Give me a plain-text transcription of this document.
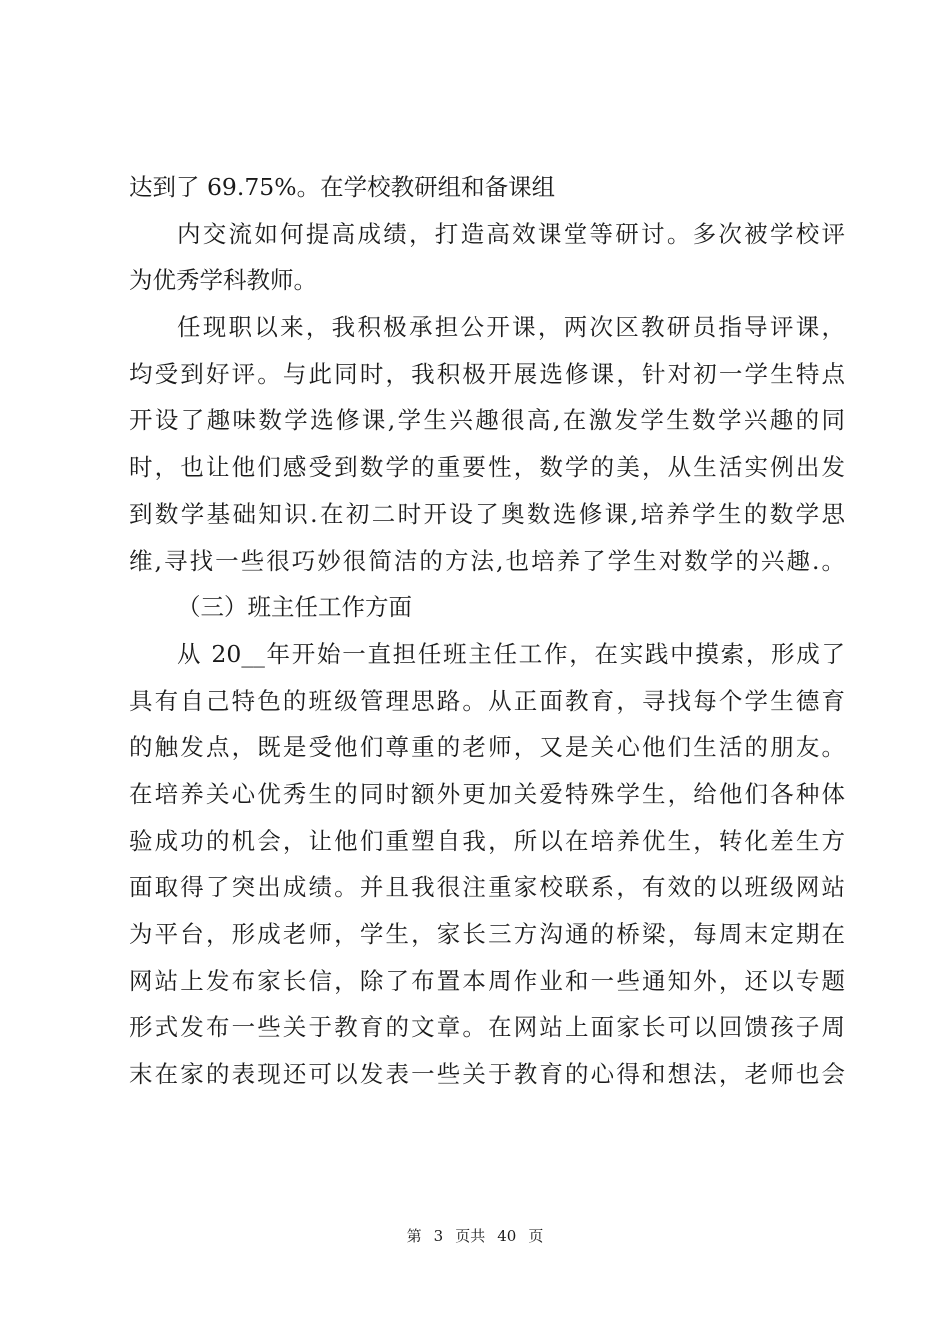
达到了 69.75%。在学校教研组和备课组
内交流如何提高成绩，打造高效课堂等研讨。多次被学校评
为优秀学科教师。
任现职以来，我积极承担公开课，两次区教研员指导评课，
均受到好评。与此同时，我积极开展选修课，针对初一学生特点
开设了趣味数学选修课,学生兴趣很高,在激发学生数学兴趣的同
时，也让他们感受到数学的重要性，数学的美，从生活实例出发
到数学基础知识.在初二时开设了奥数选修课,培养学生的数学思
维,寻找一些很巧妙很简洁的方法,也培养了学生对数学的兴趣.。
（三）班主任工作方面
从 20__年开始一直担任班主任工作，在实践中摸索，形成了
具有自己特色的班级管理思路。从正面教育，寻找每个学生德育
的触发点，既是受他们尊重的老师，又是关心他们生活的朋友。
在培养关心优秀生的同时额外更加关爱特殊学生，给他们各种体
验成功的机会，让他们重塑自我，所以在培养优生，转化差生方
面取得了突出成绩。并且我很注重家校联系，有效的以班级网站
为平台，形成老师，学生，家长三方沟通的桥梁，每周末定期在
网站上发布家长信，除了布置本周作业和一些通知外，还以专题
形式发布一些关于教育的文章。在网站上面家长可以回馈孩子周
末在家的表现还可以发表一些关于教育的心得和想法，老师也会
第 3 页共 40 页
